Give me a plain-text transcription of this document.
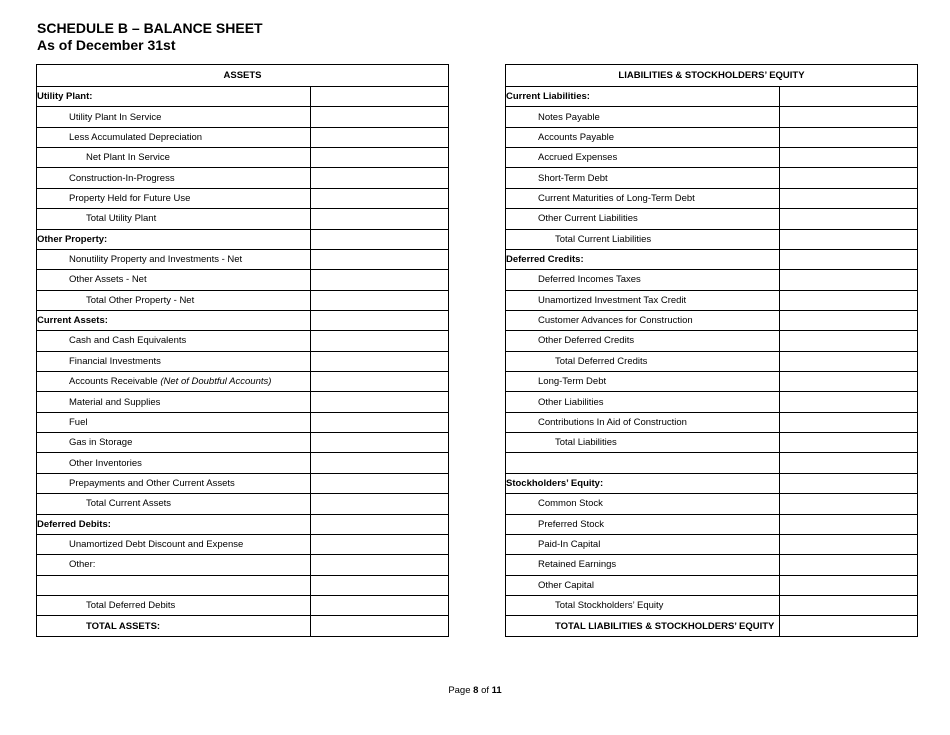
SCHEDULE B – BALANCE SHEET
As of December 31st
ASSETS	
Utility Plant:	
Utility Plant In Service	
Less Accumulated Depreciation	
Net Plant In Service	
Construction-In-Progress	
Property Held for Future Use	
Total Utility Plant	
Other Property:	
Nonutility Property and Investments - Net	
Other Assets - Net	
Total Other Property - Net	
Current Assets:	
Cash and Cash Equivalents	
Financial Investments	
Accounts Receivable (Net of Doubtful Accounts)	
Material and Supplies	
Fuel	
Gas in Storage	
Other Inventories	
Prepayments and Other Current Assets	
Total Current Assets	
Deferred Debits:	
Unamortized Debt Discount and Expense	
Other:	

Total Deferred Debits	
TOTAL ASSETS:	
LIABILITIES & STOCKHOLDERS’ EQUITY	
Current Liabilities:	
Notes Payable	
Accounts Payable	
Accrued Expenses	
Short-Term Debt	
Current Maturities of Long-Term Debt	
Other Current Liabilities	
Total Current Liabilities	
Deferred Credits:	
Deferred Incomes Taxes	
Unamortized Investment Tax Credit	
Customer Advances for Construction	
Other Deferred Credits	
Total Deferred Credits	
Long-Term Debt	
Other Liabilities	
Contributions In Aid of Construction	
Total Liabilities	

Stockholders’ Equity:	
Common Stock	
Preferred Stock	
Paid-In Capital	
Retained Earnings	
Other Capital	
Total Stockholders’ Equity	
TOTAL LIABILITIES & STOCKHOLDERS’ EQUITY	
Page 8 of 11
